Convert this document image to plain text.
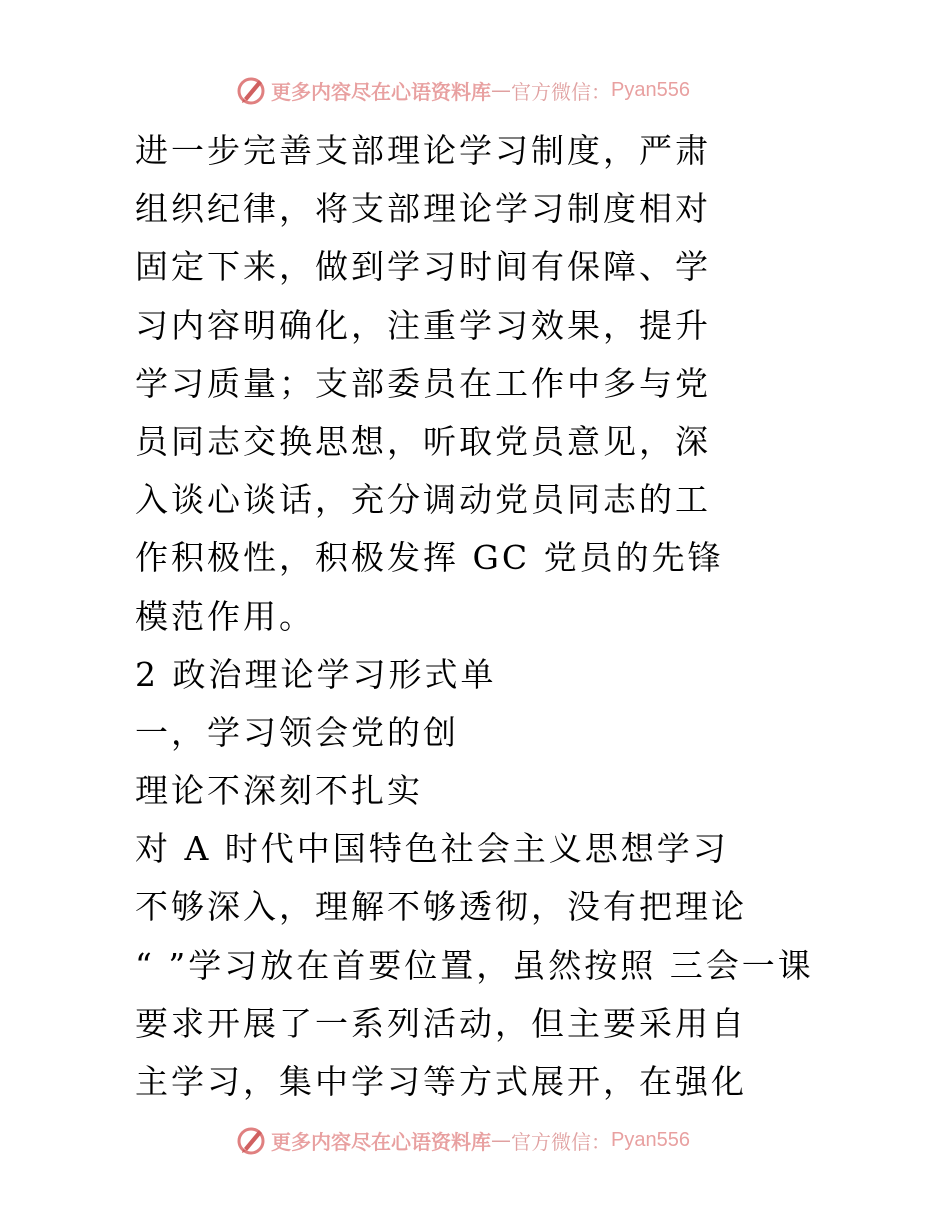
更多内容尽在心语资料库 — 官方微信： Pyan556
进一步完善支部理论学习制度，严肃
组织纪律，将支部理论学习制度相对
固定下来，做到学习时间有保障、学
习内容明确化，注重学习效果，提升
学习质量；支部委员在工作中多与党
员同志交换思想，听取党员意见，深
入谈心谈话，充分调动党员同志的工
作积极性，积极发挥 GC 党员的先锋
模范作用。
2 政治理论学习形式单
一，学习领会党的创
理论不深刻不扎实
对 A 时代中国特色社会主义思想学习
不够深入，理解不够透彻，没有把理论
“ ”学习放在首要位置，虽然按照 三会一课
要求开展了一系列活动，但主要采用自
主学习，集中学习等方式展开，在强化
更多内容尽在心语资料库 — 官方微信： Pyan556
